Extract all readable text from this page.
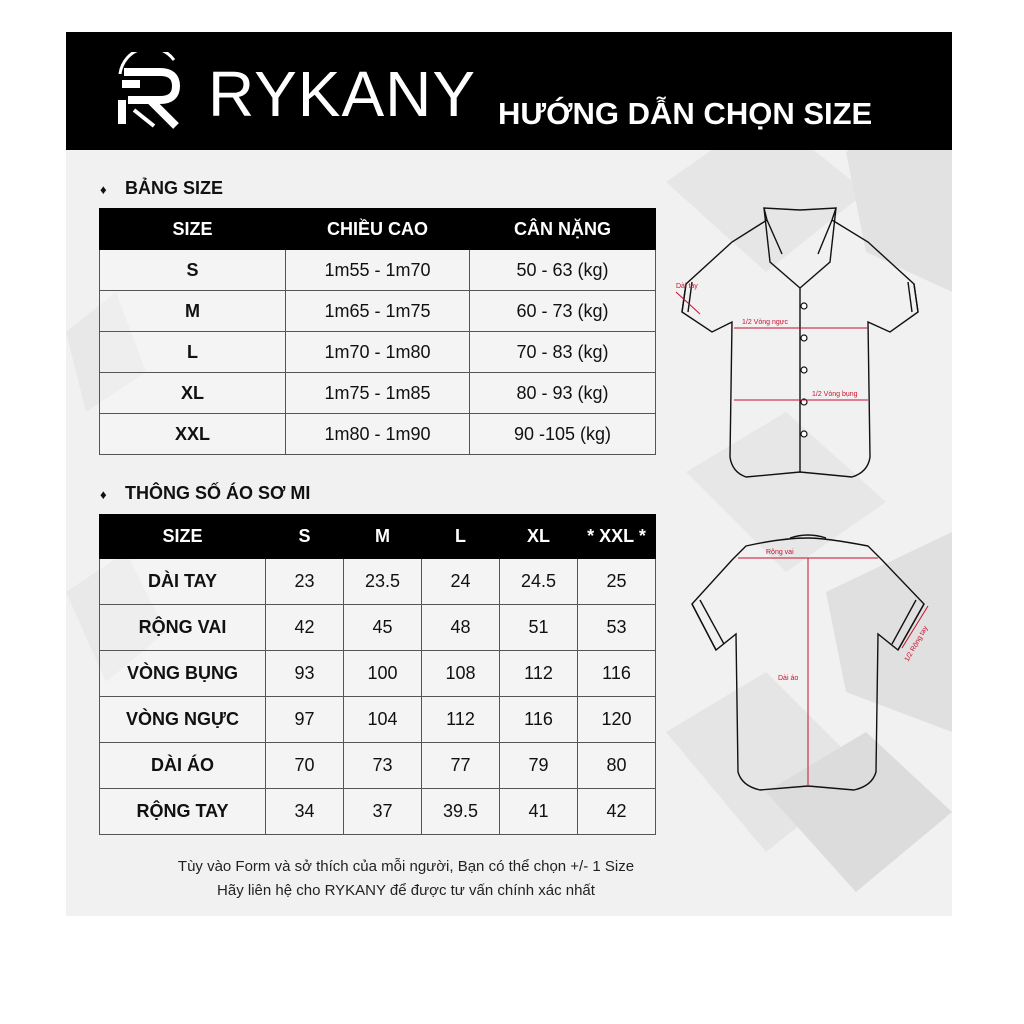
RYKANY HƯỚNG DẪN CHỌN SIZE
♦ BẢNG SIZE
SIZE	CHIỀU CAO	CÂN NẶNG
S	1m55 - 1m70	50 - 63 (kg)
M	1m65 - 1m75	60 - 73 (kg)
L	1m70 - 1m80	70 - 83 (kg)
XL	1m75 - 1m85	80 - 93 (kg)
XXL	1m80 - 1m90	90 -105 (kg)
♦ THÔNG SỐ ÁO SƠ MI
SIZE	S	M	L	XL	* XXL *
DÀI TAY	23	23.5	24	24.5	25
RỘNG VAI	42	45	48	51	53
VÒNG BỤNG	93	100	108	112	116
VÒNG NGỰC	97	104	112	116	120
DÀI ÁO	70	73	77	79	80
RỘNG TAY	34	37	39.5	41	42
Tùy vào Form và sở thích của mỗi người, Bạn có thể chọn +/- 1 Size
Hãy liên hệ cho RYKANY để được tư vấn chính xác nhất
Dài tay
1/2 Vòng ngực
1/2 Vòng bụng
Rộng vai
Dài áo
1/2 Rộng tay
